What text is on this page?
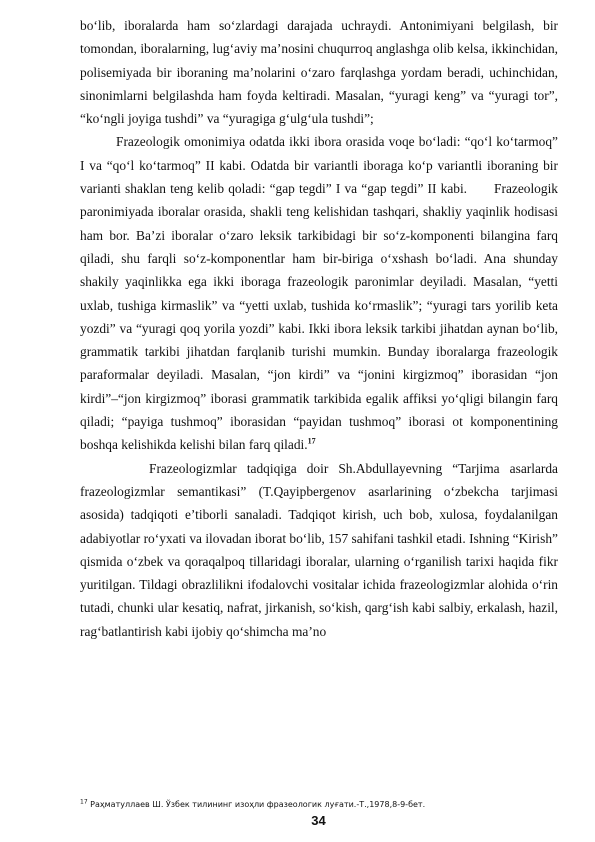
bo‘lib, iboralarda ham so‘zlardagi darajada uchraydi. Antonimiyani belgilash, bir tomondan, iboralarning, lug‘aviy ma’nosini chuqurroq anglashga olib kelsa, ikkinchidan, polisemiyada bir iboraning ma’nolarini o‘zaro farqlashga yordam beradi, uchinchidan, sinonimlarni belgilashda ham foyda keltiradi. Masalan, “yuragi keng” va “yuragi tor”, “ko‘ngli joyiga tushdi” va “yuragiga g‘ulg‘ula tushdi”;

Frazeologik omonimiya odatda ikki ibora orasida voqe bo‘ladi: “qo‘l ko‘tarmoq” I va “qo‘l ko‘tarmoq” II kabi. Odatda bir variantli iboraga ko‘p variantli iboraning bir varianti shaklan teng kelib qoladi: “gap tegdi” I va “gap tegdi” II kabi. Frazeologik paronimiyada iboralar orasida, shakli teng kelishidan tashqari, shakliy yaqinlik hodisasi ham bor. Ba’zi iboralar o‘zaro leksik tarkibidagi bir so‘z-komponenti bilangina farq qiladi, shu farqli so‘z-komponentlar ham bir-biriga o‘xshash bo‘ladi. Ana shunday shakily yaqinlikka ega ikki iboraga frazeologik paronimlar deyiladi. Masalan, “yetti uxlab, tushiga kirmaslik” va “yetti uxlab, tushida ko‘rmaslik”; “yuragi tars yorilib keta yozdi” va “yuragi qoq yorila yozdi” kabi. Ikki ibora leksik tarkibi jihatdan aynan bo‘lib, grammatik tarkibi jihatdan farqlanib turishi mumkin. Bunday iboralarga frazeologik paraformalar deyiladi. Masalan, “jon kirdi” va “jonini kirgizmoq” iborasidan “jon kirdi”–“jon kirgizmoq” iborasi grammatik tarkibida egalik affiksi yo‘qligi bilangin farq qiladi; “payiga tushmoq” iborasidan “payidan tushmoq” iborasi ot komponentining boshqa kelishikda kelishi bilan farq qiladi.$^{17}$

Frazeologizmlar tadqiqiga doir Sh.Abdullayevning “Tarjima asarlarda frazeologizmlar semantikasi” (T.Qayipbergenov asarlarining o‘zbekcha tarjimasi asosida) tadqiqoti e’tiborli sanaladi. Tadqiqot kirish, uch bob, xulosa, foydalanilgan adabiyotlar ro‘yxati va ilovadan iborat bo‘lib, 157 sahifani tashkil etadi. Ishning “Kirish” qismida o‘zbek va qoraqalpoq tillaridagi iboralar, ularning o‘rganilish tarixi haqida fikr yuritilgan. Tildagi obrazlilikni ifodalovchi vositalar ichida frazeologizmlar alohida o‘rin tutadi, chunki ular kesatiq, nafrat, jirkanish, so‘kish, qarg‘ish kabi salbiy, erkalash, hazil, rag‘batlantirish kabi ijobiy qo‘shimcha ma’no

$^{17}$ Раҳматуллаев Ш. Ўзбек тилининг изоҳли фразеологик луғати.-Т.,1978,8-9-бет.
34
